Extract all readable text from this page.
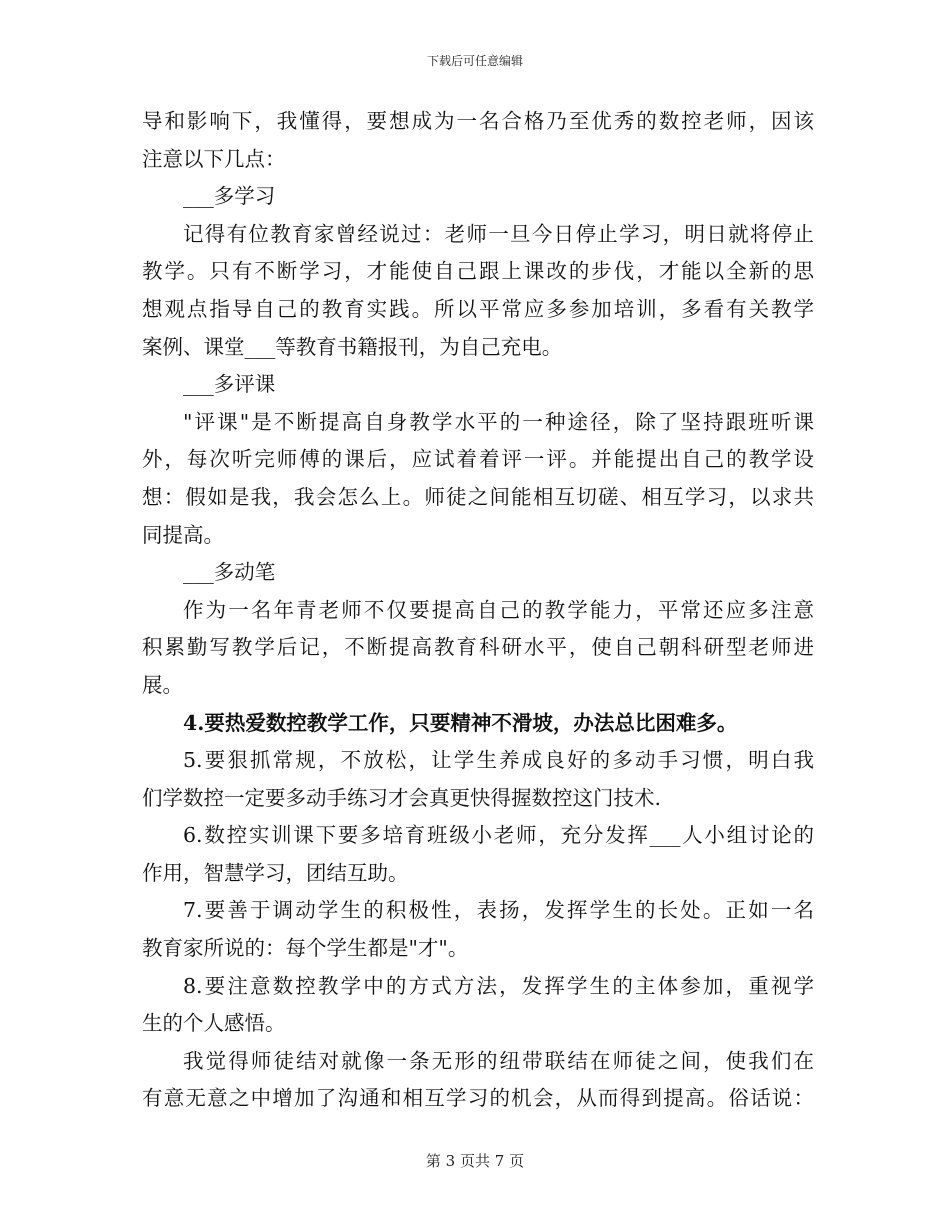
下载后可任意编辑
导和影响下，我懂得，要想成为一名合格乃至优秀的数控老师，因该
注意以下几点：
___多学习
记得有位教育家曾经说过：老师一旦今日停止学习，明日就将停止
教学。只有不断学习，才能使自己跟上课改的步伐，才能以全新的思
想观点指导自己的教育实践。所以平常应多参加培训，多看有关教学
案例、课堂___等教育书籍报刊，为自己充电。
___多评课
"评课"是不断提高自身教学水平的一种途径，除了坚持跟班听课
外，每次听完师傅的课后，应试着着评一评。并能提出自己的教学设
想：假如是我，我会怎么上。师徒之间能相互切磋、相互学习，以求共
同提高。
___多动笔
作为一名年青老师不仅要提高自己的教学能力，平常还应多注意
积累勤写教学后记，不断提高教育科研水平，使自己朝科研型老师进
展。
4.要热爱数控教学工作，只要精神不滑坡，办法总比困难多。
5.要狠抓常规，不放松，让学生养成良好的多动手习惯，明白我
们学数控一定要多动手练习才会真更快得握数控这门技术.
6.数控实训课下要多培育班级小老师，充分发挥___人小组讨论的
作用，智慧学习，团结互助。
7.要善于调动学生的积极性，表扬，发挥学生的长处。正如一名
教育家所说的：每个学生都是"才"。
8.要注意数控教学中的方式方法，发挥学生的主体参加，重视学
生的个人感悟。
我觉得师徒结对就像一条无形的纽带联结在师徒之间，使我们在
有意无意之中增加了沟通和相互学习的机会，从而得到提高。俗话说：
第 3 页共 7 页
